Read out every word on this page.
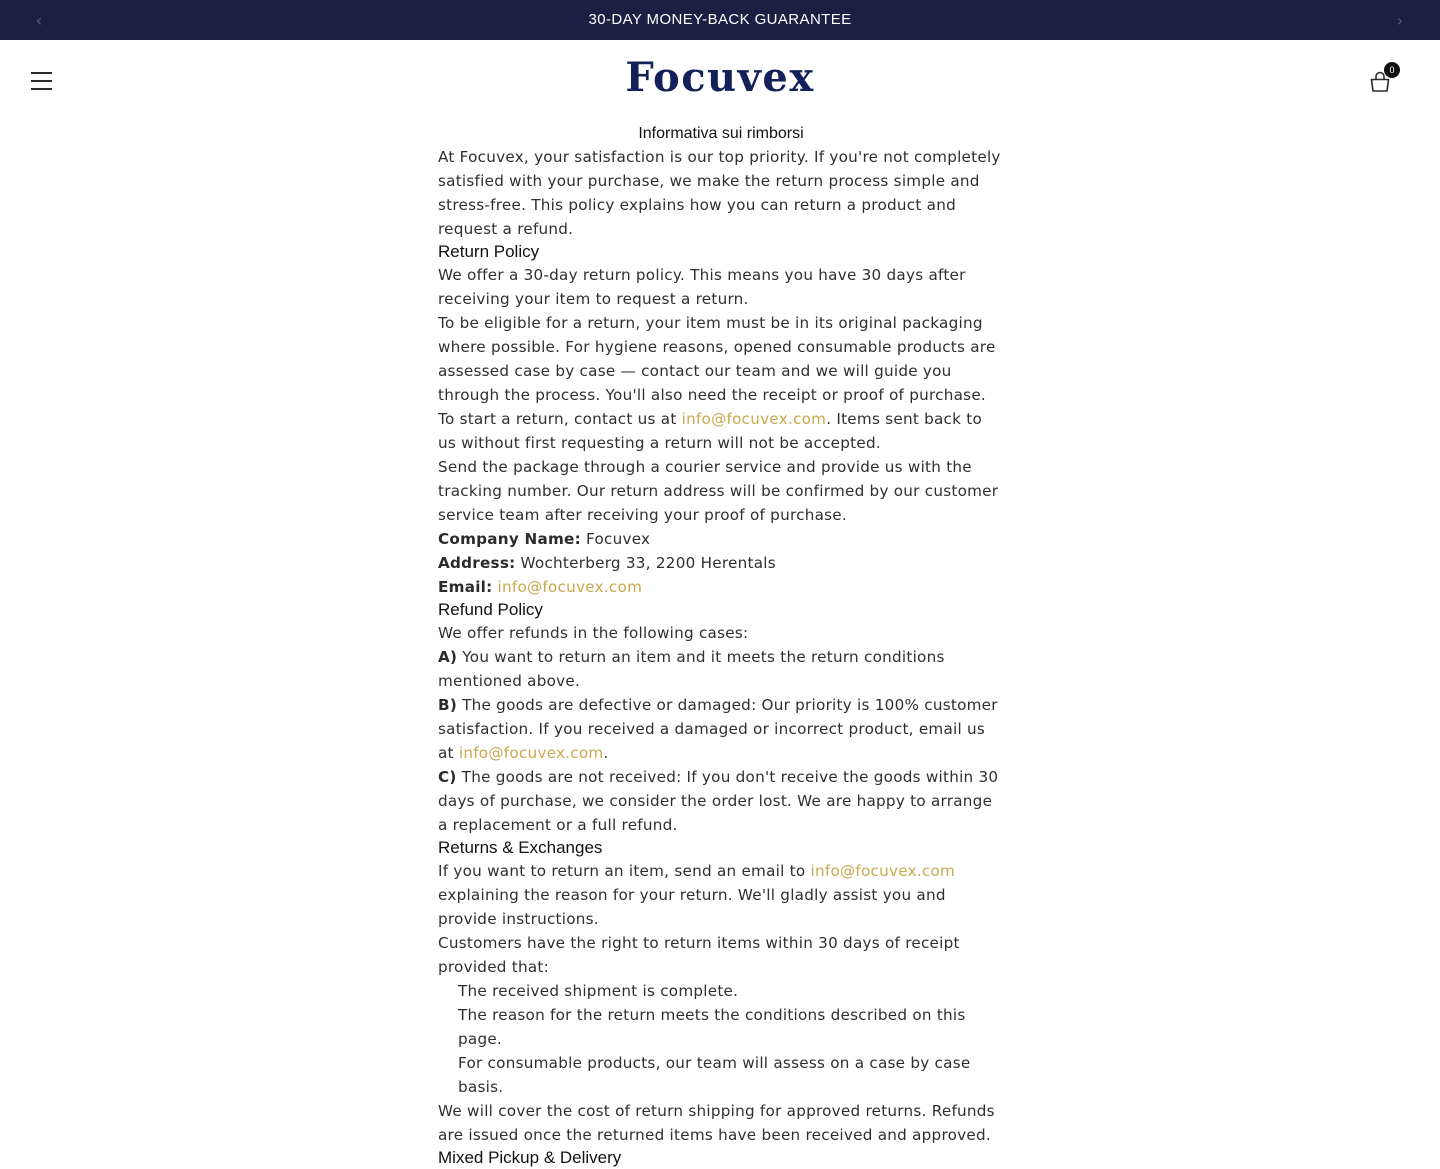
‹	30-DAY MONEY-BACK GUARANTEE	›
Focuvex	0
Informativa sui rimborsi

At Focuvex, your satisfaction is our top priority. If you're not completely satisfied with your purchase, we make the return process simple and stress-free. This policy explains how you can return a product and request a refund.

Return Policy

We offer a 30-day return policy. This means you have 30 days after receiving your item to request a return.

To be eligible for a return, your item must be in its original packaging where possible. For hygiene reasons, opened consumable products are assessed case by case — contact our team and we will guide you through the process. You'll also need the receipt or proof of purchase.

To start a return, contact us at info@focuvex.com. Items sent back to us without first requesting a return will not be accepted.

Send the package through a courier service and provide us with the tracking number. Our return address will be confirmed by our customer service team after receiving your proof of purchase.

Company Name: Focuvex

Address: Wochterberg 33, 2200 Herentals

Email: info@focuvex.com

Refund Policy

We offer refunds in the following cases:

A) You want to return an item and it meets the return conditions mentioned above.

B) The goods are defective or damaged: Our priority is 100% customer satisfaction. If you received a damaged or incorrect product, email us at info@focuvex.com.

C) The goods are not received: If you don't receive the goods within 30 days of purchase, we consider the order lost. We are happy to arrange a replacement or a full refund.

Returns & Exchanges

If you want to return an item, send an email to info@focuvex.com explaining the reason for your return. We'll gladly assist you and provide instructions.

Customers have the right to return items within 30 days of receipt provided that:

The received shipment is complete.

The reason for the return meets the conditions described on this page.

For consumable products, our team will assess on a case by case basis.

We will cover the cost of return shipping for approved returns. Refunds are issued once the returned items have been received and approved.

Mixed Pickup & Delivery
